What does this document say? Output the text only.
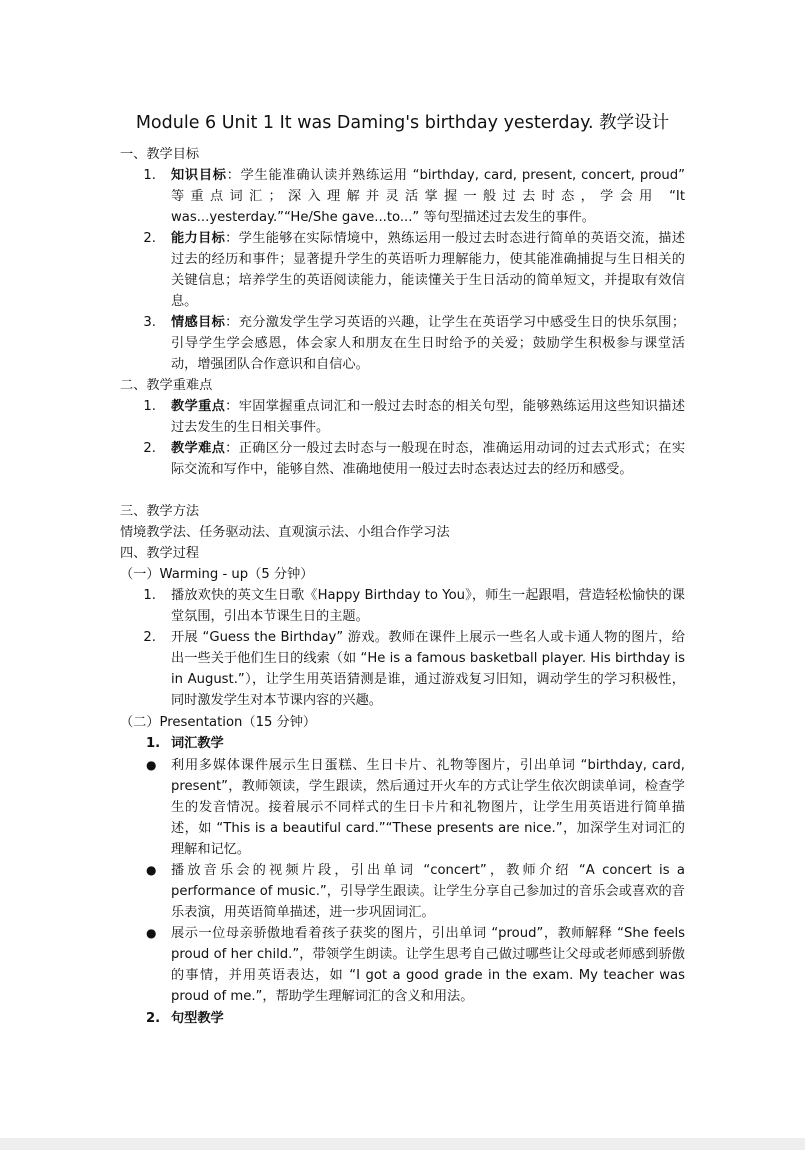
Module 6 Unit 1 It was Daming's birthday yesterday. 教学设计
一、教学目标
1. 知识目标：学生能准确认读并熟练运用 “birthday, card, present, concert, proud” 等重点词汇；深入理解并灵活掌握一般过去时态，学会用 “It was...yesterday.”“He/She gave...to...” 等句型描述过去发生的事件。
2. 能力目标：学生能够在实际情境中，熟练运用一般过去时态进行简单的英语交流，描述过去的经历和事件；显著提升学生的英语听力理解能力，使其能准确捕捉与生日相关的关键信息；培养学生的英语阅读能力，能读懂关于生日活动的简单短文，并提取有效信息。
3. 情感目标：充分激发学生学习英语的兴趣，让学生在英语学习中感受生日的快乐氛围；引导学生学会感恩，体会家人和朋友在生日时给予的关爱；鼓励学生积极参与课堂活动，增强团队合作意识和自信心。
二、教学重难点
1. 教学重点：牢固掌握重点词汇和一般过去时态的相关句型，能够熟练运用这些知识描述过去发生的生日相关事件。
2. 教学难点：正确区分一般过去时态与一般现在时态，准确运用动词的过去式形式；在实际交流和写作中，能够自然、准确地使用一般过去时态表达过去的经历和感受。
三、教学方法
情境教学法、任务驱动法、直观演示法、小组合作学习法
四、教学过程
（一）Warming - up（5 分钟）
1. 播放欢快的英文生日歌《Happy Birthday to You》，师生一起跟唱，营造轻松愉快的课堂氛围，引出本节课生日的主题。
2. 开展 “Guess the Birthday” 游戏。教师在课件上展示一些名人或卡通人物的图片，给出一些关于他们生日的线索（如 “He is a famous basketball player. His birthday is in August.”），让学生用英语猜测是谁，通过游戏复习旧知，调动学生的学习积极性，同时激发学生对本节课内容的兴趣。
（二）Presentation（15 分钟）
1. 词汇教学
● 利用多媒体课件展示生日蛋糕、生日卡片、礼物等图片，引出单词 “birthday, card, present”，教师领读，学生跟读，然后通过开火车的方式让学生依次朗读单词，检查学生的发音情况。接着展示不同样式的生日卡片和礼物图片，让学生用英语进行简单描述，如 “This is a beautiful card.”“These presents are nice.”，加深学生对词汇的理解和记忆。
● 播放音乐会的视频片段，引出单词 “concert”，教师介绍 “A concert is a performance of music.”，引导学生跟读。让学生分享自己参加过的音乐会或喜欢的音乐表演，用英语简单描述，进一步巩固词汇。
● 展示一位母亲骄傲地看着孩子获奖的图片，引出单词 “proud”，教师解释 “She feels proud of her child.”，带领学生朗读。让学生思考自己做过哪些让父母或老师感到骄傲的事情，并用英语表达，如 “I got a good grade in the exam. My teacher was proud of me.”，帮助学生理解词汇的含义和用法。
2. 句型教学
